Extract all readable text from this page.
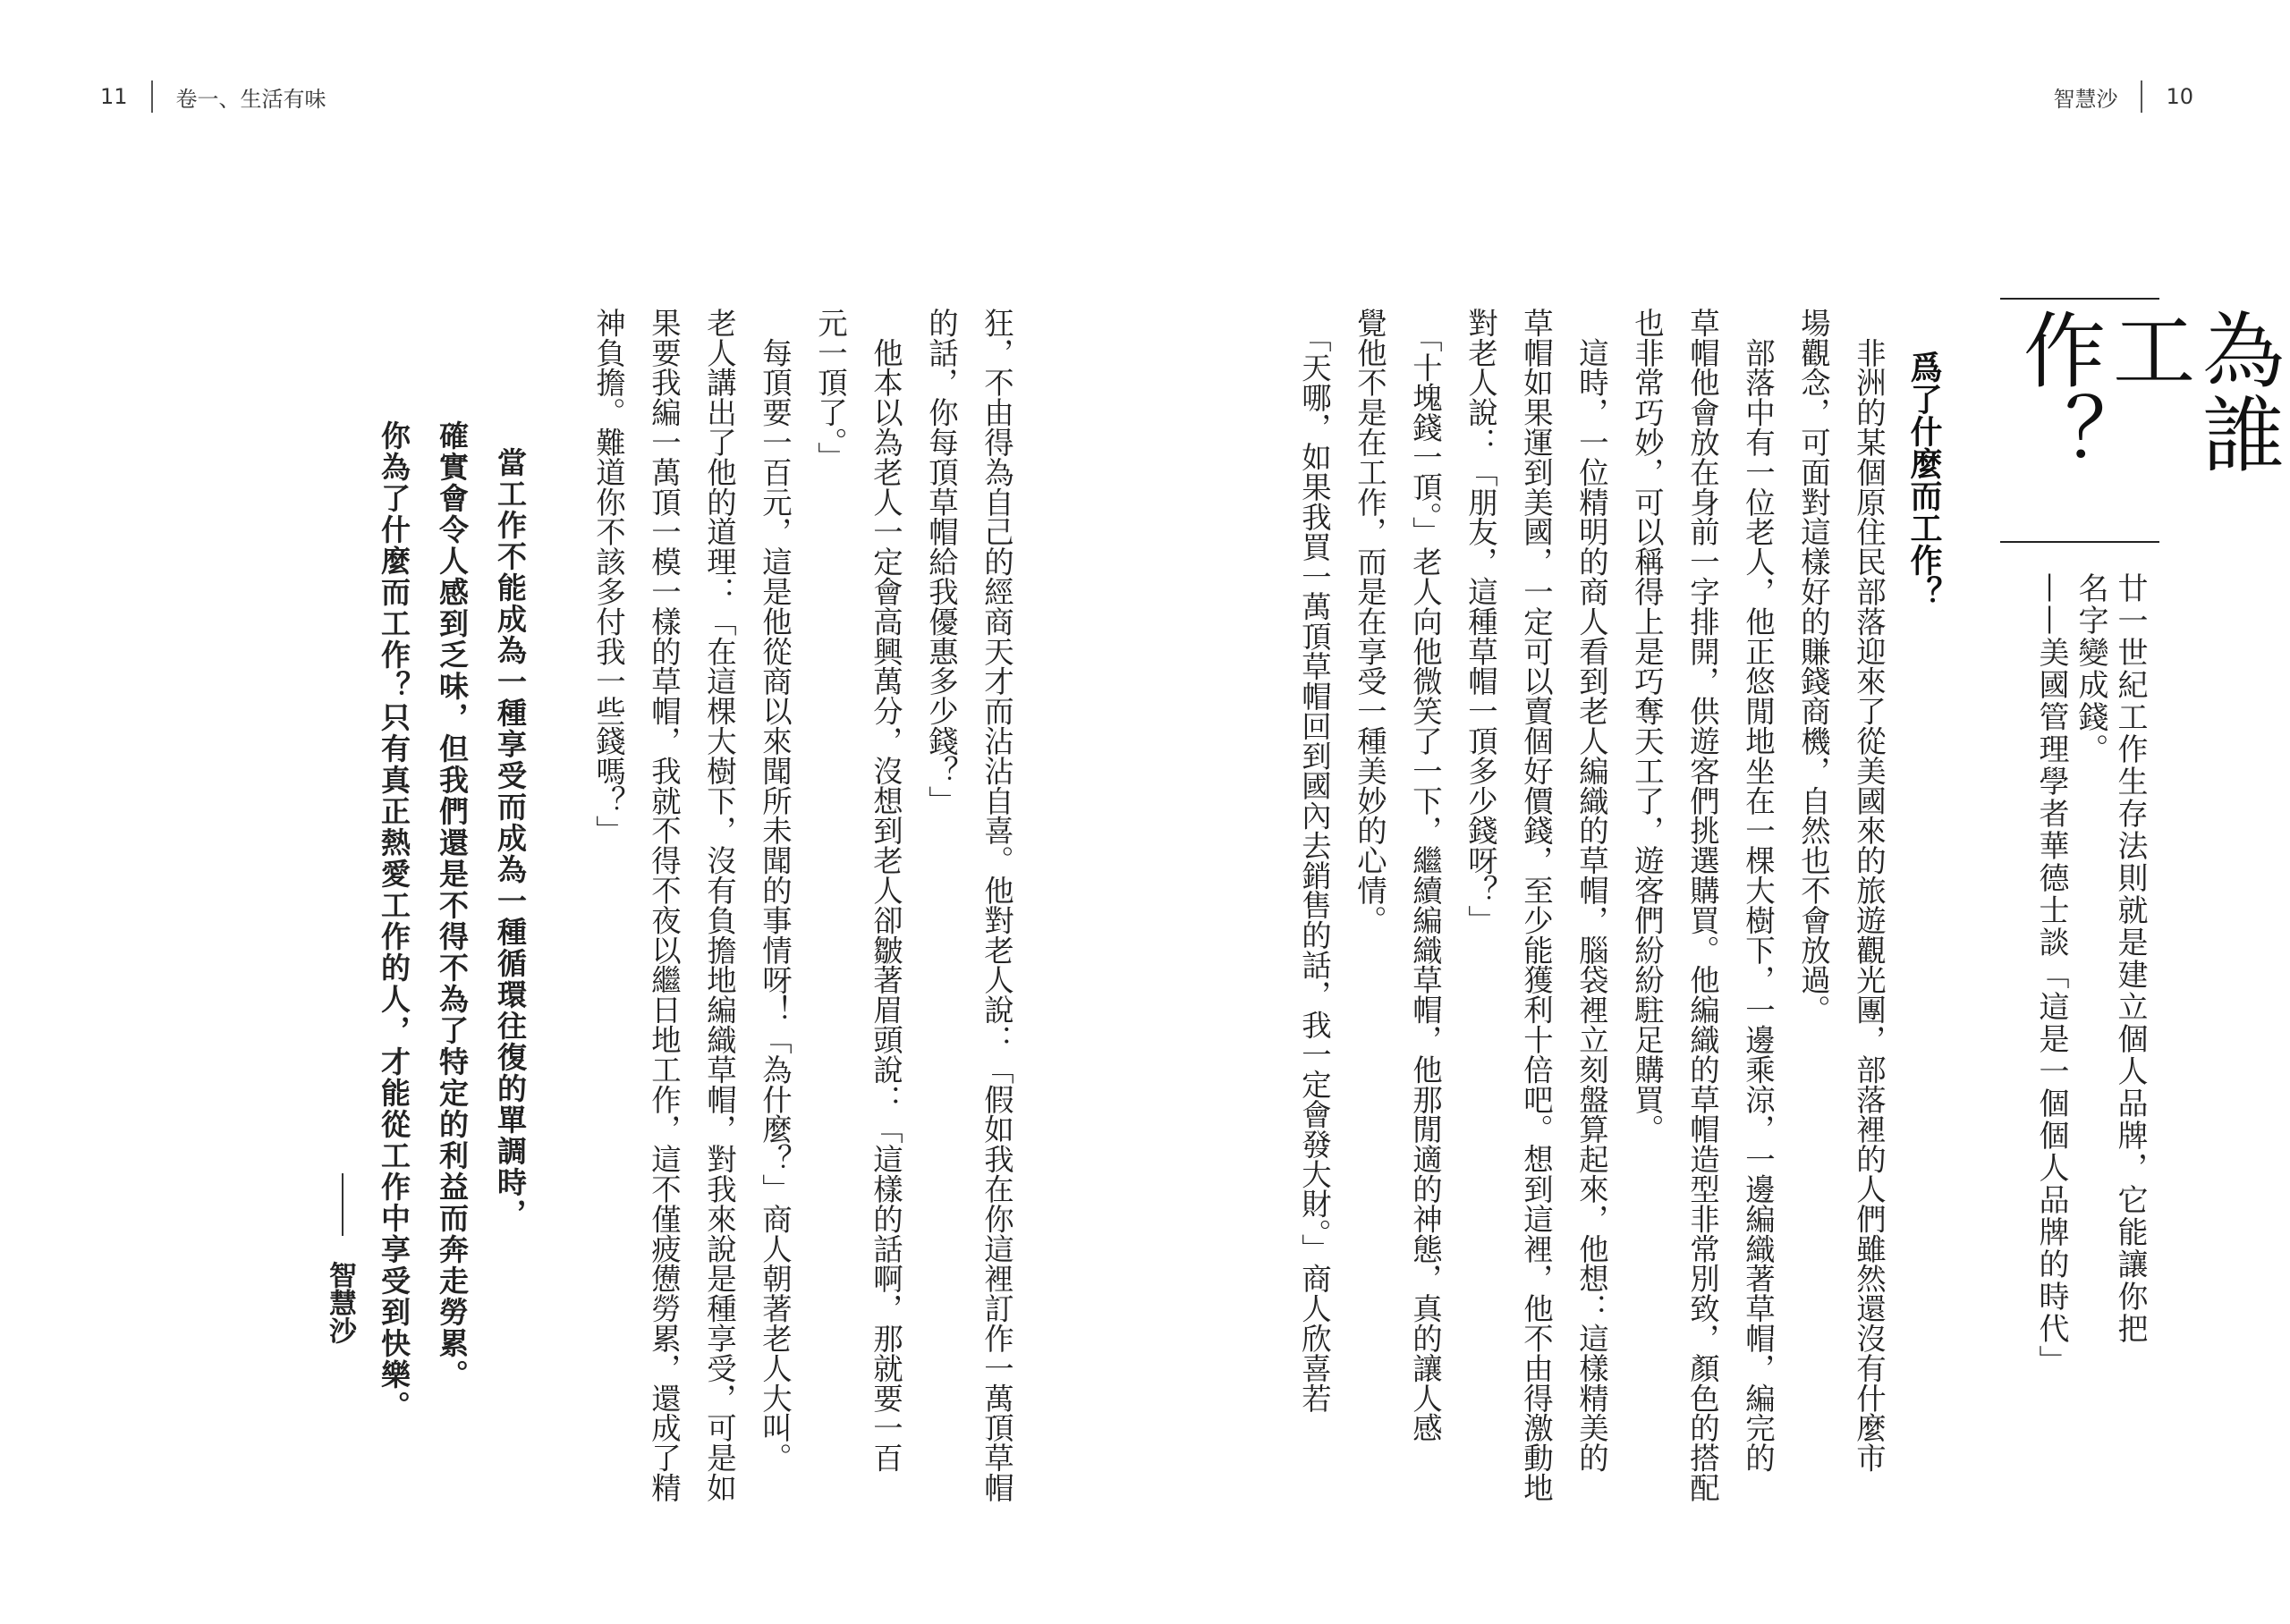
11 卷一、生活有味	智慧沙 10
為誰
工作？
廿一世紀工作生存法則就是建立個人品牌，它能讓你把
名字變成錢。
——美國管理學者華德士談「這是一個個人品牌的時代」
爲了什麼而工作？
　非洲的某個原住民部落迎來了從美國來的旅遊觀光團，部落裡的人們雖然還沒有什麼市
場觀念，可面對這樣好的賺錢商機，自然也不會放過。
　部落中有一位老人，他正悠閒地坐在一棵大樹下，一邊乘涼，一邊編織著草帽，編完的
草帽他會放在身前一字排開，供遊客們挑選購買。他編織的草帽造型非常別致，顏色的搭配
也非常巧妙，可以稱得上是巧奪天工了，遊客們紛紛駐足購買。
　這時，一位精明的商人看到老人編織的草帽，腦袋裡立刻盤算起來，他想：這樣精美的
草帽如果運到美國，一定可以賣個好價錢，至少能獲利十倍吧。想到這裡，他不由得激動地
對老人說：「朋友，這種草帽一頂多少錢呀？」
　「十塊錢一頂。」老人向他微笑了一下，繼續編織草帽，他那閒適的神態，真的讓人感
覺他不是在工作，而是在享受一種美妙的心情。
　「天哪，如果我買一萬頂草帽回到國內去銷售的話，我一定會發大財。」商人欣喜若
狂，不由得為自己的經商天才而沾沾自喜。他對老人說：「假如我在你這裡訂作一萬頂草帽
的話，你每頂草帽給我優惠多少錢？」
　他本以為老人一定會高興萬分，沒想到老人卻皺著眉頭說：「這樣的話啊，那就要一百
元一頂了。」
　每頂要一百元，這是他從商以來聞所未聞的事情呀！「為什麼？」商人朝著老人大叫。
老人講出了他的道理：「在這棵大樹下，沒有負擔地編織草帽，對我來說是種享受，可是如
果要我編一萬頂一模一樣的草帽，我就不得不夜以繼日地工作，這不僅疲憊勞累，還成了精
神負擔。難道你不該多付我一些錢嗎？」
當工作不能成為一種享受而成為一種循環往復的單調時，
確實會令人感到乏味，但我們還是不得不為了特定的利益而奔走勞累。
你為了什麼而工作？只有真正熱愛工作的人，才能從工作中享受到快樂。
智慧沙
